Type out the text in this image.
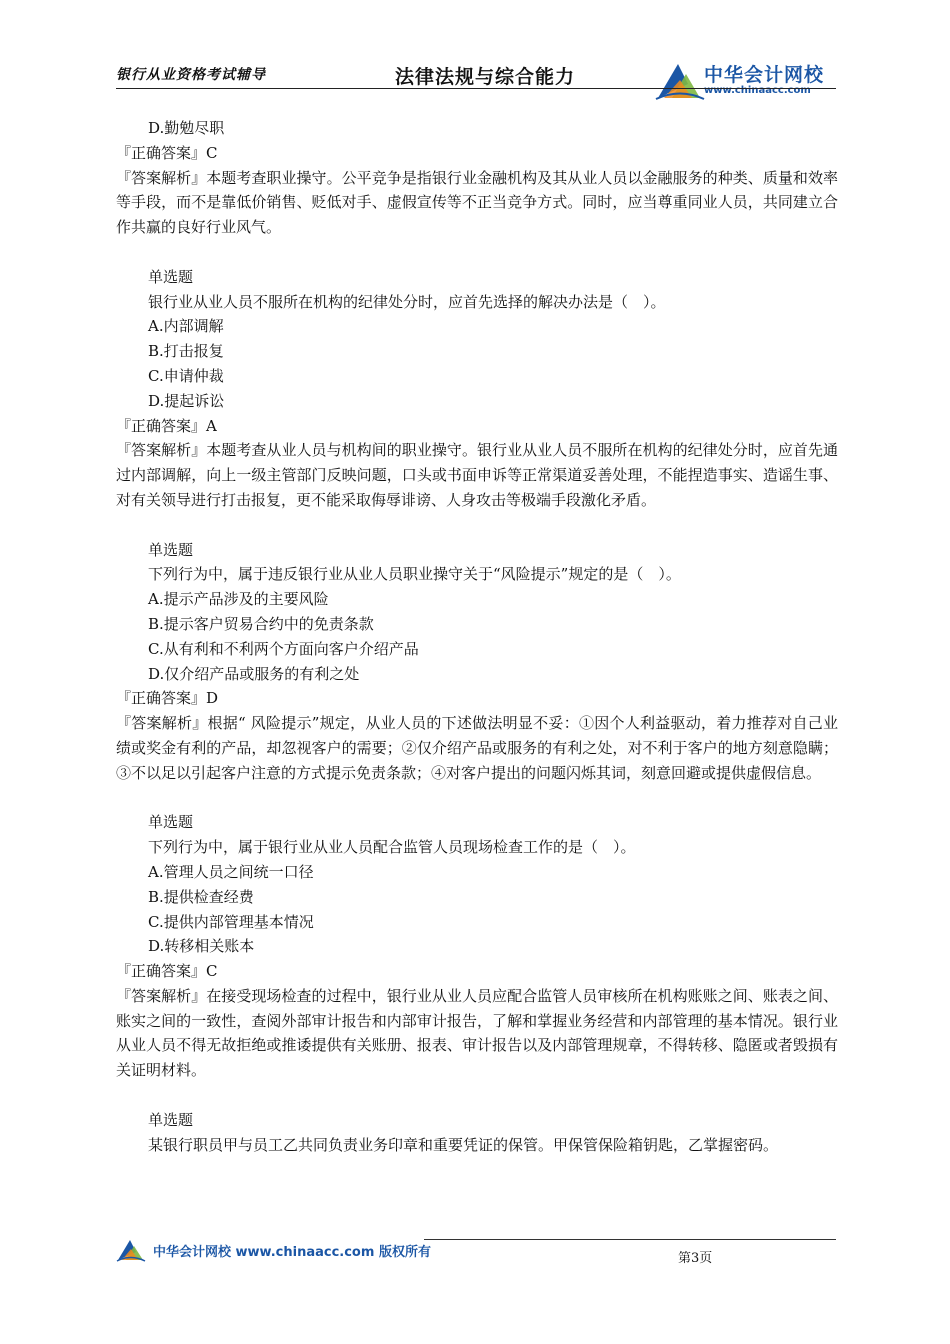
银行从业资格考试辅导	法律法规与综合能力	中华会计网校
www.chinaacc.com
D.勤勉尽职
『正确答案』C
『答案解析』本题考查职业操守。公平竞争是指银行业金融机构及其从业人员以金融服务的种类、质量和效率等手段，而不是靠低价销售、贬低对手、虚假宣传等不正当竞争方式。同时，应当尊重同业人员，共同建立合作共赢的良好行业风气。
单选题
银行业从业人员不服所在机构的纪律处分时，应首先选择的解决办法是（　）。
A.内部调解
B.打击报复
C.申请仲裁
D.提起诉讼
『正确答案』A
『答案解析』本题考查从业人员与机构间的职业操守。银行业从业人员不服所在机构的纪律处分时，应首先通过内部调解，向上一级主管部门反映问题，口头或书面申诉等正常渠道妥善处理，不能捏造事实、造谣生事、对有关领导进行打击报复，更不能采取侮辱诽谤、人身攻击等极端手段激化矛盾。
单选题
下列行为中，属于违反银行业从业人员职业操守关于“风险提示”规定的是（　）。
A.提示产品涉及的主要风险
B.提示客户贸易合约中的免责条款
C.从有利和不利两个方面向客户介绍产品
D.仅介绍产品或服务的有利之处
『正确答案』D
『答案解析』根据“ 风险提示”规定，从业人员的下述做法明显不妥：①因个人利益驱动，着力推荐对自己业绩或奖金有利的产品，却忽视客户的需要；②仅介绍产品或服务的有利之处，对不利于客户的地方刻意隐瞒；③不以足以引起客户注意的方式提示免责条款；④对客户提出的问题闪烁其词，刻意回避或提供虚假信息。
单选题
下列行为中，属于银行业从业人员配合监管人员现场检查工作的是（　）。
A.管理人员之间统一口径
B.提供检查经费
C.提供内部管理基本情况
D.转移相关账本
『正确答案』C
『答案解析』在接受现场检查的过程中，银行业从业人员应配合监管人员审核所在机构账账之间、账表之间、账实之间的一致性，查阅外部审计报告和内部审计报告，了解和掌握业务经营和内部管理的基本情况。银行业从业人员不得无故拒绝或推诿提供有关账册、报表、审计报告以及内部管理规章，不得转移、隐匿或者毁损有关证明材料。
单选题
某银行职员甲与员工乙共同负责业务印章和重要凭证的保管。甲保管保险箱钥匙，乙掌握密码。
中华会计网校 www.chinaacc.com 版权所有	第3页
